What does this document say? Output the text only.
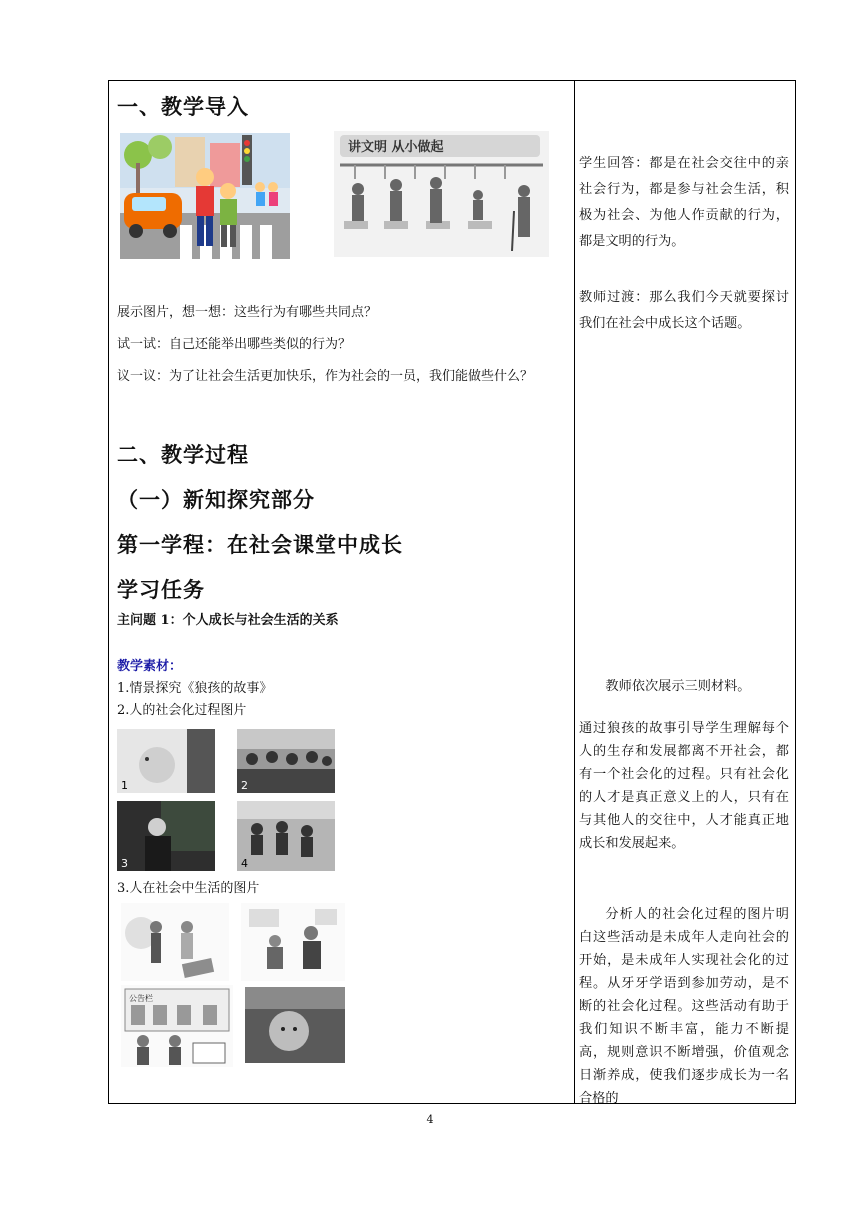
一、教学导入
讲文明 从小做起
展示图片，想一想：这些行为有哪些共同点？
试一试：自己还能举出哪些类似的行为？
议一议：为了让社会生活更加快乐，作为社会的一员，我们能做些什么？
二、教学过程
（一）新知探究部分
第一学程：在社会课堂中成长
学习任务
主问题 1：个人成长与社会生活的关系
教学素材：
1.情景探究《狼孩的故事》
2.人的社会化过程图片
1	2
3	4
3.人在社会中生活的图片
公告栏
学生回答：都是在社会交往中的亲社会行为，都是参与社会生活，积极为社会、为他人作贡献的行为，都是文明的行为。
教师过渡：那么我们今天就要探讨我们在社会中成长这个话题。
教师依次展示三则材料。
通过狼孩的故事引导学生理解每个人的生存和发展都离不开社会，都有一个社会化的过程。只有社会化的人才是真正意义上的人，只有在与其他人的交往中，人才能真正地成长和发展起来。
分析人的社会化过程的图片明白这些活动是未成年人走向社会的开始，是未成年人实现社会化的过程。从牙牙学语到参加劳动，是不断的社会化过程。这些活动有助于我们知识不断丰富，能力不断提高，规则意识不断增强，价值观念日渐养成，使我们逐步成长为一名合格的
4
